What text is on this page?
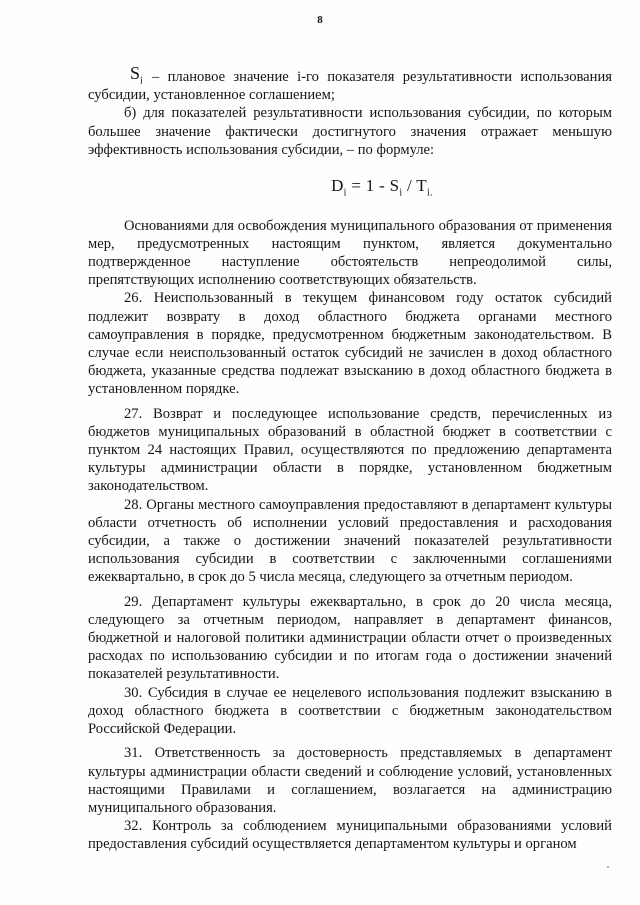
8

$S_i$ – плановое значение i-го показателя результативности использования субсидии, установленное соглашением;

б) для показателей результативности использования субсидии, по которым большее значение фактически достигнутого значения отражает меньшую эффективность использования субсидии, – по формуле:

$D_i = 1 - S_i / T_{i.}$

Основаниями для освобождения муниципального образования от применения мер, предусмотренных настоящим пунктом, является документально подтвержденное наступление обстоятельств непреодолимой силы, препятствующих исполнению соответствующих обязательств.

26. Неиспользованный в текущем финансовом году остаток субсидий подлежит возврату в доход областного бюджета органами местного самоуправления в порядке, предусмотренном бюджетным законодательством. В случае если неиспользованный остаток субсидий не зачислен в доход областного бюджета, указанные средства подлежат взысканию в доход областного бюджета в установленном порядке.

27. Возврат и последующее использование средств, перечисленных из бюджетов муниципальных образований в областной бюджет в соответствии с пунктом 24 настоящих Правил, осуществляются по предложению департамента культуры администрации области в порядке, установленном бюджетным законодательством.

28. Органы местного самоуправления предоставляют в департамент культуры области отчетность об исполнении условий предоставления и расходования субсидии, а также о достижении значений показателей результативности использования субсидии в соответствии с заключенными соглашениями ежеквартально, в срок до 5 числа месяца, следующего за отчетным периодом.

29. Департамент культуры ежеквартально, в срок до 20 числа месяца, следующего за отчетным периодом, направляет в департамент финансов, бюджетной и налоговой политики администрации области отчет о произведенных расходах по использованию субсидии и по итогам года о достижении значений показателей результативности.

30. Субсидия в случае ее нецелевого использования подлежит взысканию в доход областного бюджета в соответствии с бюджетным законодательством Российской Федерации.

31. Ответственность за достоверность представляемых в департамент культуры администрации области сведений и соблюдение условий, установленных настоящими Правилами и соглашением, возлагается на администрацию муниципального образования.

32. Контроль за соблюдением муниципальными образованиями условий предоставления субсидий осуществляется департаментом культуры и органом
